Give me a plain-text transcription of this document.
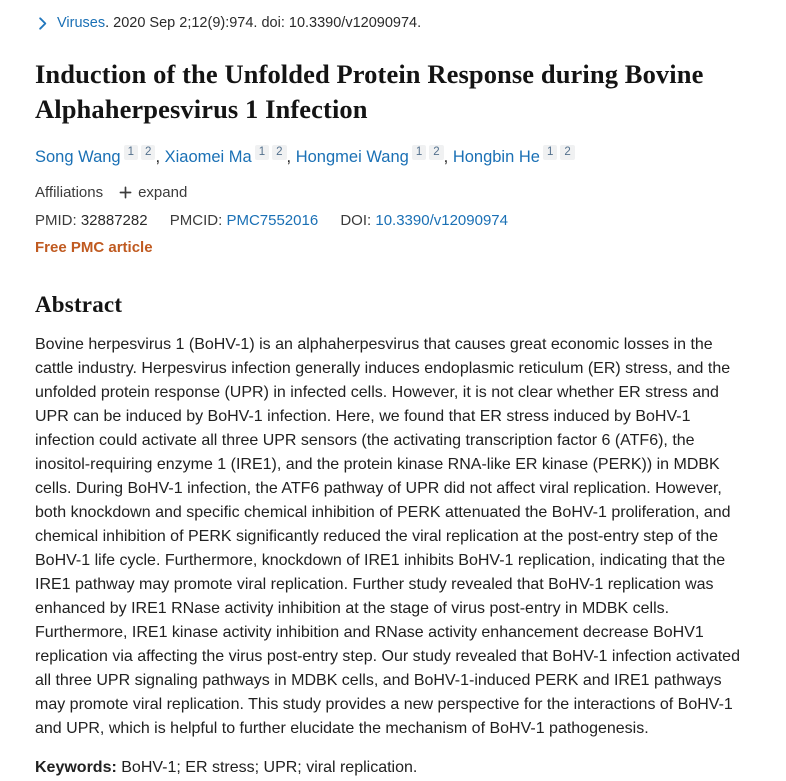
Viruses . 2020 Sep 2;12(9):974. doi: 10.3390/v12090974.
Induction of the Unfolded Protein Response during Bovine Alphaherpesvirus 1 Infection
Song Wang 1 2 , Xiaomei Ma 1 2 , Hongmei Wang 1 2 , Hongbin He 1 2
Affiliations expand
PMID: 32887282 PMCID: PMC7552016 DOI: 10.3390/v12090974
Free PMC article
Abstract

Bovine herpesvirus 1 (BoHV-1) is an alphaherpesvirus that causes great economic losses in the cattle industry. Herpesvirus infection generally induces endoplasmic reticulum (ER) stress, and the unfolded protein response (UPR) in infected cells. However, it is not clear whether ER stress and UPR can be induced by BoHV-1 infection. Here, we found that ER stress induced by BoHV-1 infection could activate all three UPR sensors (the activating transcription factor 6 (ATF6), the inositol-requiring enzyme 1 (IRE1), and the protein kinase RNA-like ER kinase (PERK)) in MDBK cells. During BoHV-1 infection, the ATF6 pathway of UPR did not affect viral replication. However, both knockdown and specific chemical inhibition of PERK attenuated the BoHV-1 proliferation, and chemical inhibition of PERK significantly reduced the viral replication at the post-entry step of the BoHV-1 life cycle. Furthermore, knockdown of IRE1 inhibits BoHV-1 replication, indicating that the IRE1 pathway may promote viral replication. Further study revealed that BoHV-1 replication was enhanced by IRE1 RNase activity inhibition at the stage of virus post-entry in MDBK cells. Furthermore, IRE1 kinase activity inhibition and RNase activity enhancement decrease BoHV1 replication via affecting the virus post-entry step. Our study revealed that BoHV-1 infection activated all three UPR signaling pathways in MDBK cells, and BoHV-1-induced PERK and IRE1 pathways may promote viral replication. This study provides a new perspective for the interactions of BoHV-1 and UPR, which is helpful to further elucidate the mechanism of BoHV-1 pathogenesis.

Keywords: BoHV-1; ER stress; UPR; viral replication.
